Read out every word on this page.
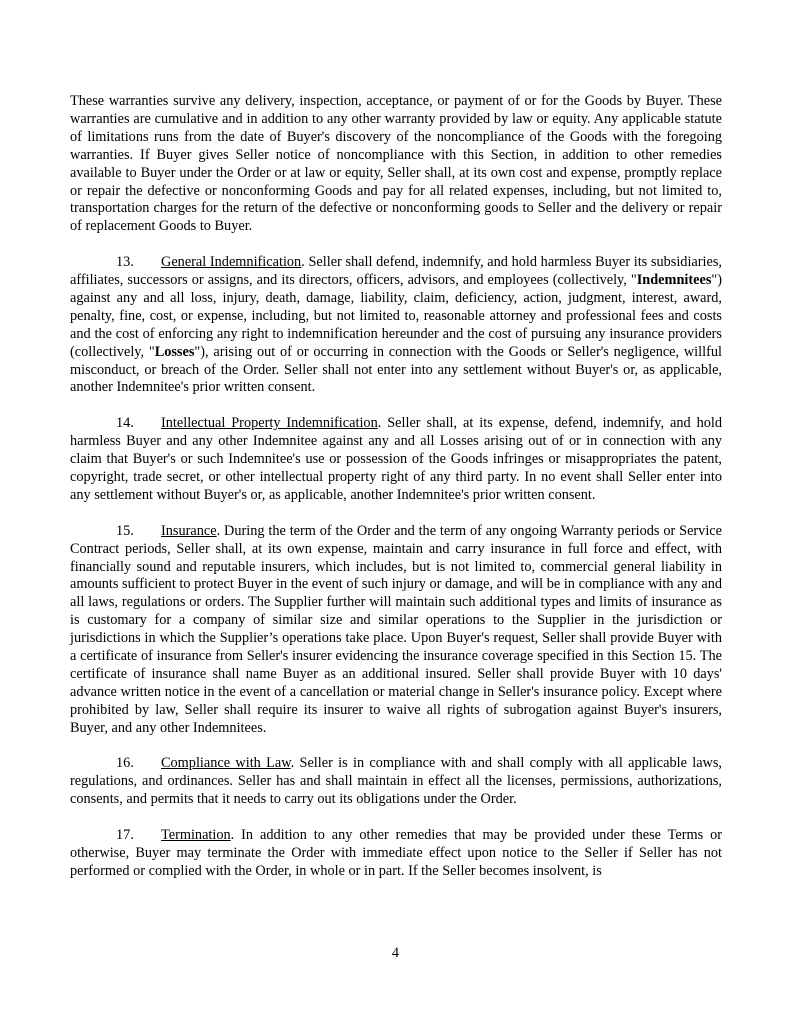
These warranties survive any delivery, inspection, acceptance, or payment of or for the Goods by Buyer. These warranties are cumulative and in addition to any other warranty provided by law or equity. Any applicable statute of limitations runs from the date of Buyer's discovery of the noncompliance of the Goods with the foregoing warranties. If Buyer gives Seller notice of noncompliance with this Section, in addition to other remedies available to Buyer under the Order or at law or equity, Seller shall, at its own cost and expense, promptly replace or repair the defective or nonconforming Goods and pay for all related expenses, including, but not limited to, transportation charges for the return of the defective or nonconforming goods to Seller and the delivery or repair of replacement Goods to Buyer.

13. General Indemnification. Seller shall defend, indemnify, and hold harmless Buyer its subsidiaries, affiliates, successors or assigns, and its directors, officers, advisors, and employees (collectively, "Indemnitees") against any and all loss, injury, death, damage, liability, claim, deficiency, action, judgment, interest, award, penalty, fine, cost, or expense, including, but not limited to, reasonable attorney and professional fees and costs and the cost of enforcing any right to indemnification hereunder and the cost of pursuing any insurance providers (collectively, "Losses"), arising out of or occurring in connection with the Goods or Seller's negligence, willful misconduct, or breach of the Order. Seller shall not enter into any settlement without Buyer's or, as applicable, another Indemnitee's prior written consent.

14. Intellectual Property Indemnification. Seller shall, at its expense, defend, indemnify, and hold harmless Buyer and any other Indemnitee against any and all Losses arising out of or in connection with any claim that Buyer's or such Indemnitee's use or possession of the Goods infringes or misappropriates the patent, copyright, trade secret, or other intellectual property right of any third party. In no event shall Seller enter into any settlement without Buyer's or, as applicable, another Indemnitee's prior written consent.

15. Insurance. During the term of the Order and the term of any ongoing Warranty periods or Service Contract periods, Seller shall, at its own expense, maintain and carry insurance in full force and effect, with financially sound and reputable insurers, which includes, but is not limited to, commercial general liability in amounts sufficient to protect Buyer in the event of such injury or damage, and will be in compliance with any and all laws, regulations or orders. The Supplier further will maintain such additional types and limits of insurance as is customary for a company of similar size and similar operations to the Supplier in the jurisdiction or jurisdictions in which the Supplier’s operations take place. Upon Buyer's request, Seller shall provide Buyer with a certificate of insurance from Seller's insurer evidencing the insurance coverage specified in this Section 15. The certificate of insurance shall name Buyer as an additional insured. Seller shall provide Buyer with 10 days' advance written notice in the event of a cancellation or material change in Seller's insurance policy. Except where prohibited by law, Seller shall require its insurer to waive all rights of subrogation against Buyer's insurers, Buyer, and any other Indemnitees.

16. Compliance with Law. Seller is in compliance with and shall comply with all applicable laws, regulations, and ordinances. Seller has and shall maintain in effect all the licenses, permissions, authorizations, consents, and permits that it needs to carry out its obligations under the Order.

17. Termination. In addition to any other remedies that may be provided under these Terms or otherwise, Buyer may terminate the Order with immediate effect upon notice to the Seller if Seller has not performed or complied with the Order, in whole or in part. If the Seller becomes insolvent, is

4
